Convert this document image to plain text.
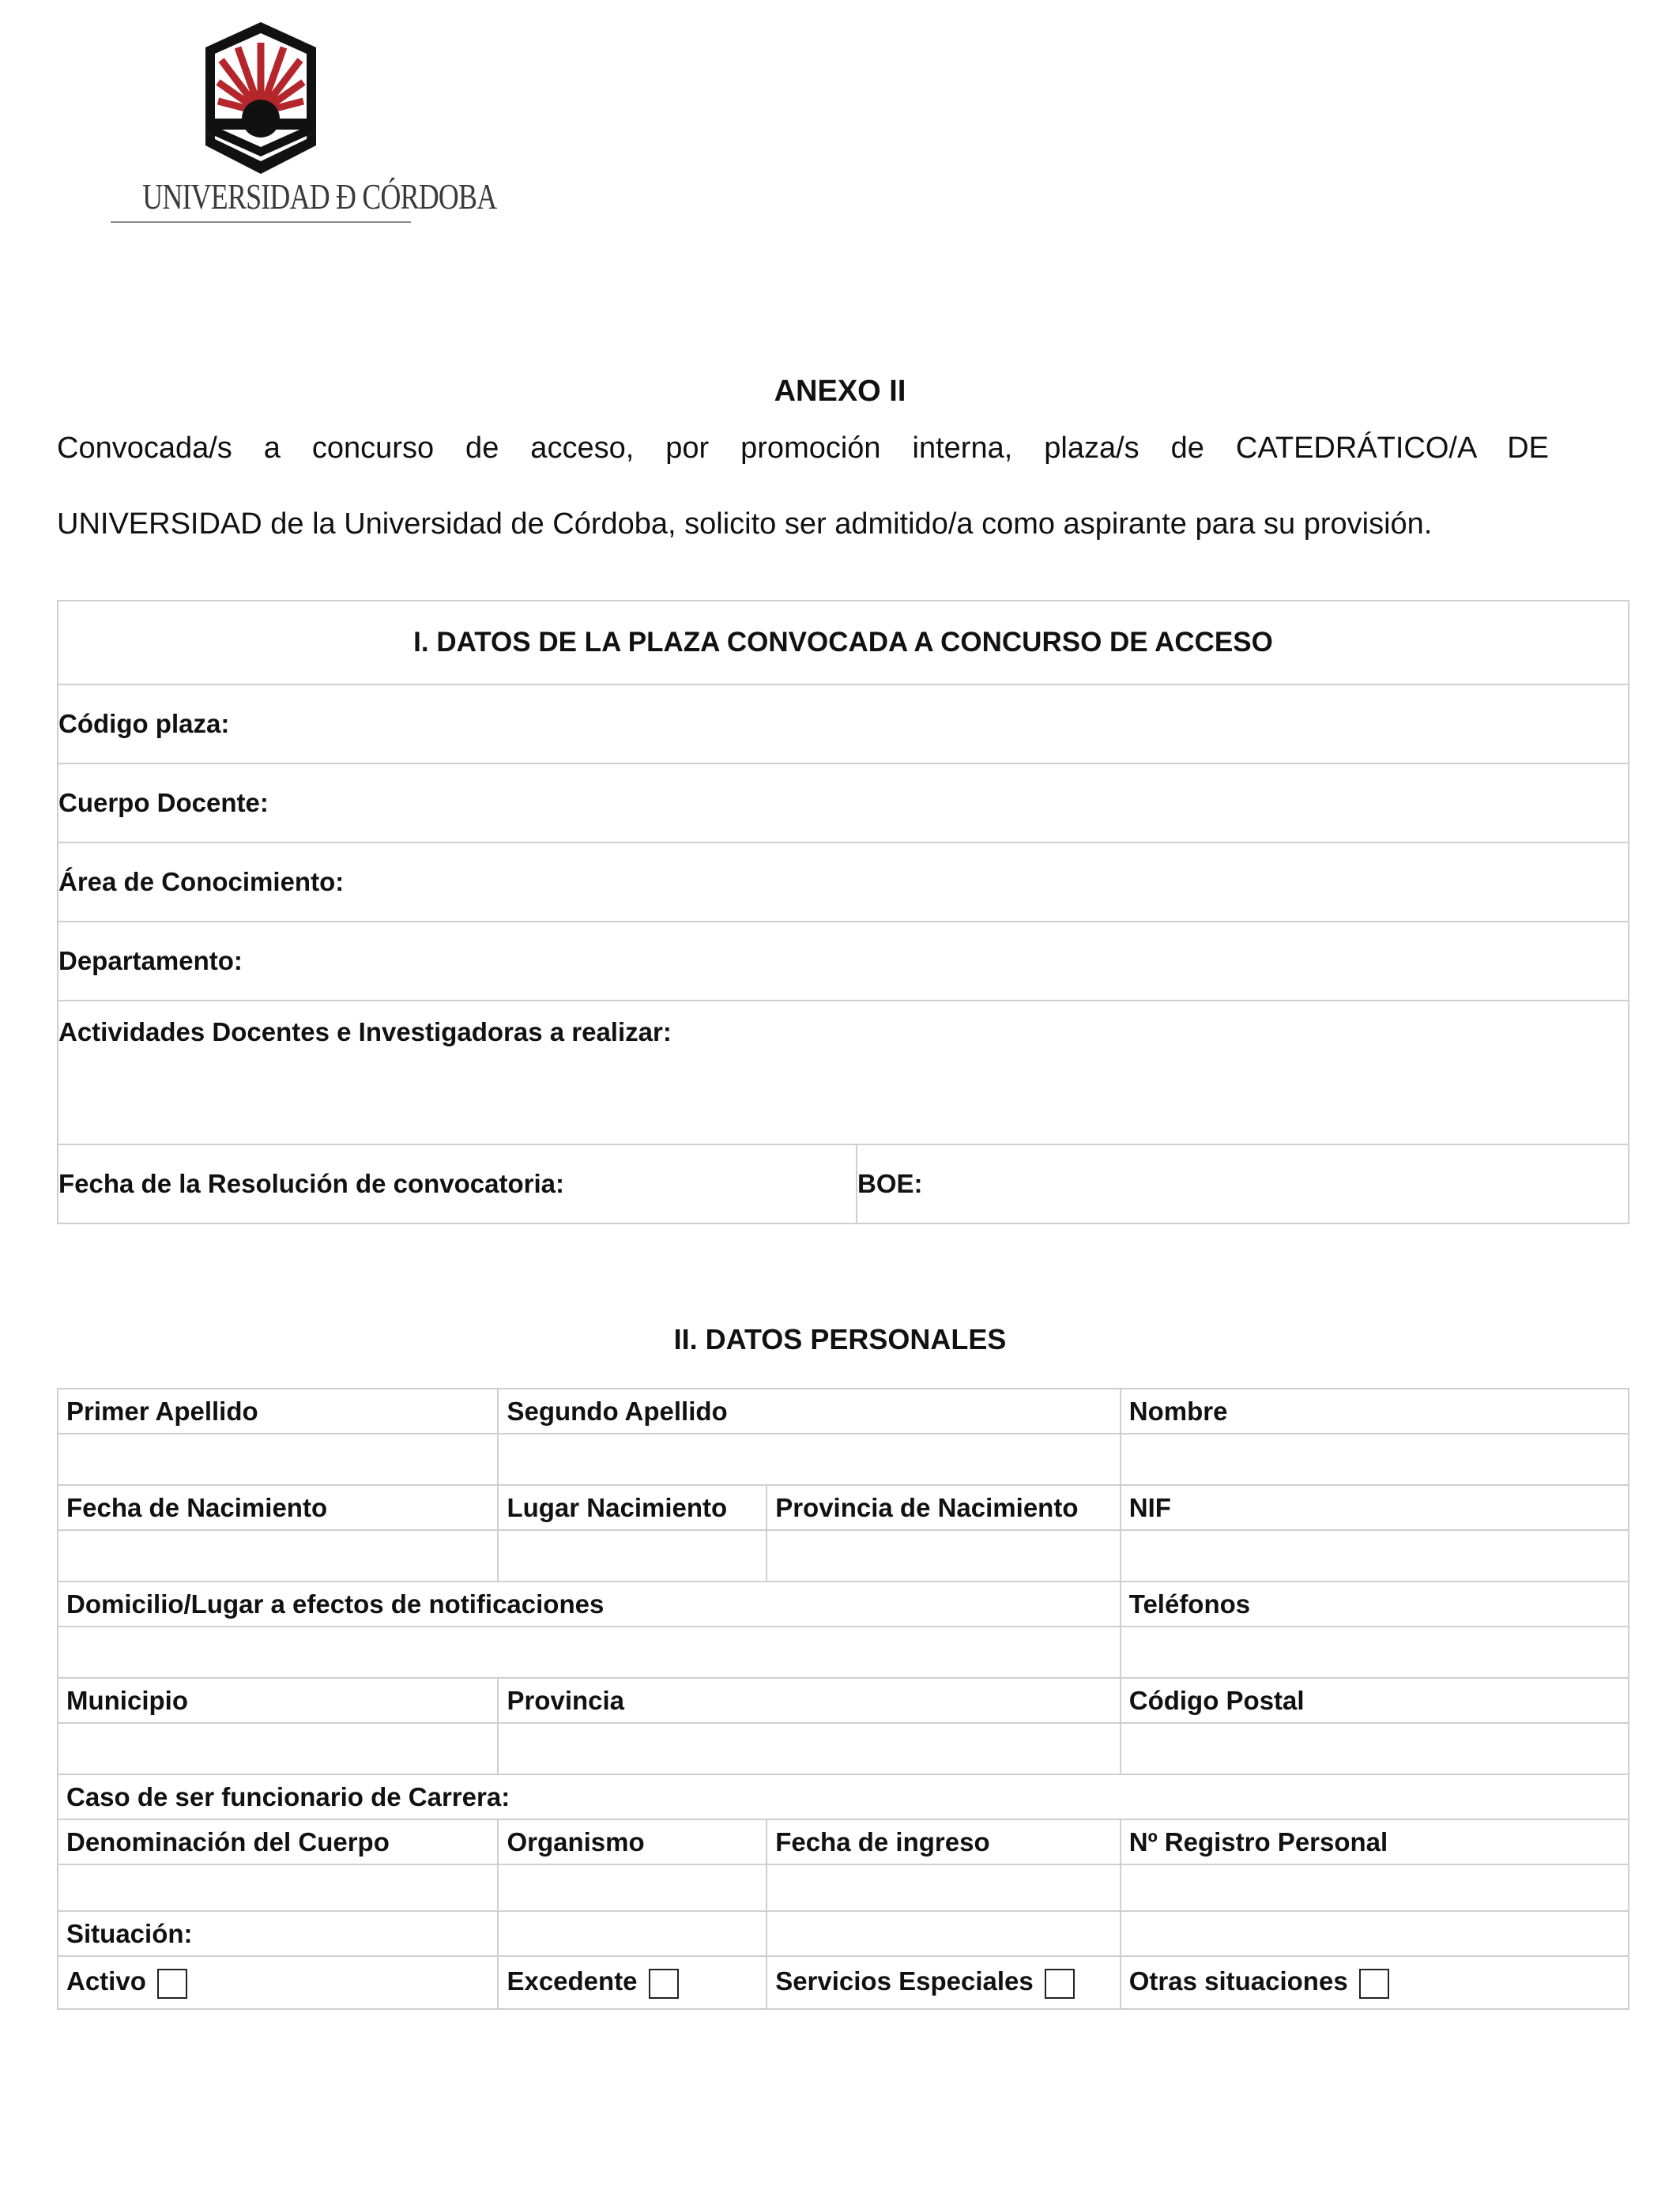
UNIVERSIDAD Ð CÓRDOBA
ANEXO II
Convocada/s a concurso de acceso, por promoción interna, plaza/s de CATEDRÁTICO/A DE
UNIVERSIDAD de la Universidad de Córdoba, solicito ser admitido/a como aspirante para su provisión.
I. DATOS DE LA PLAZA CONVOCADA A CONCURSO DE ACCESO
Código plaza:
Cuerpo Docente:
Área de Conocimiento:
Departamento:
Actividades Docentes e Investigadoras a realizar:
Fecha de la Resolución de convocatoria:	BOE:
II. DATOS PERSONALES
Primer Apellido	Segundo Apellido		Nombre

Fecha de Nacimiento	Lugar Nacimiento	Provincia de Nacimiento	NIF

Domicilio/Lugar a efectos de notificaciones			Teléfonos

Municipio	Provincia		Código Postal

Caso de ser funcionario de Carrera:			
Denominación del Cuerpo	Organismo	Fecha de ingreso	Nº Registro Personal

Situación:			
Activo	Excedente	Servicios Especiales	Otras situaciones
